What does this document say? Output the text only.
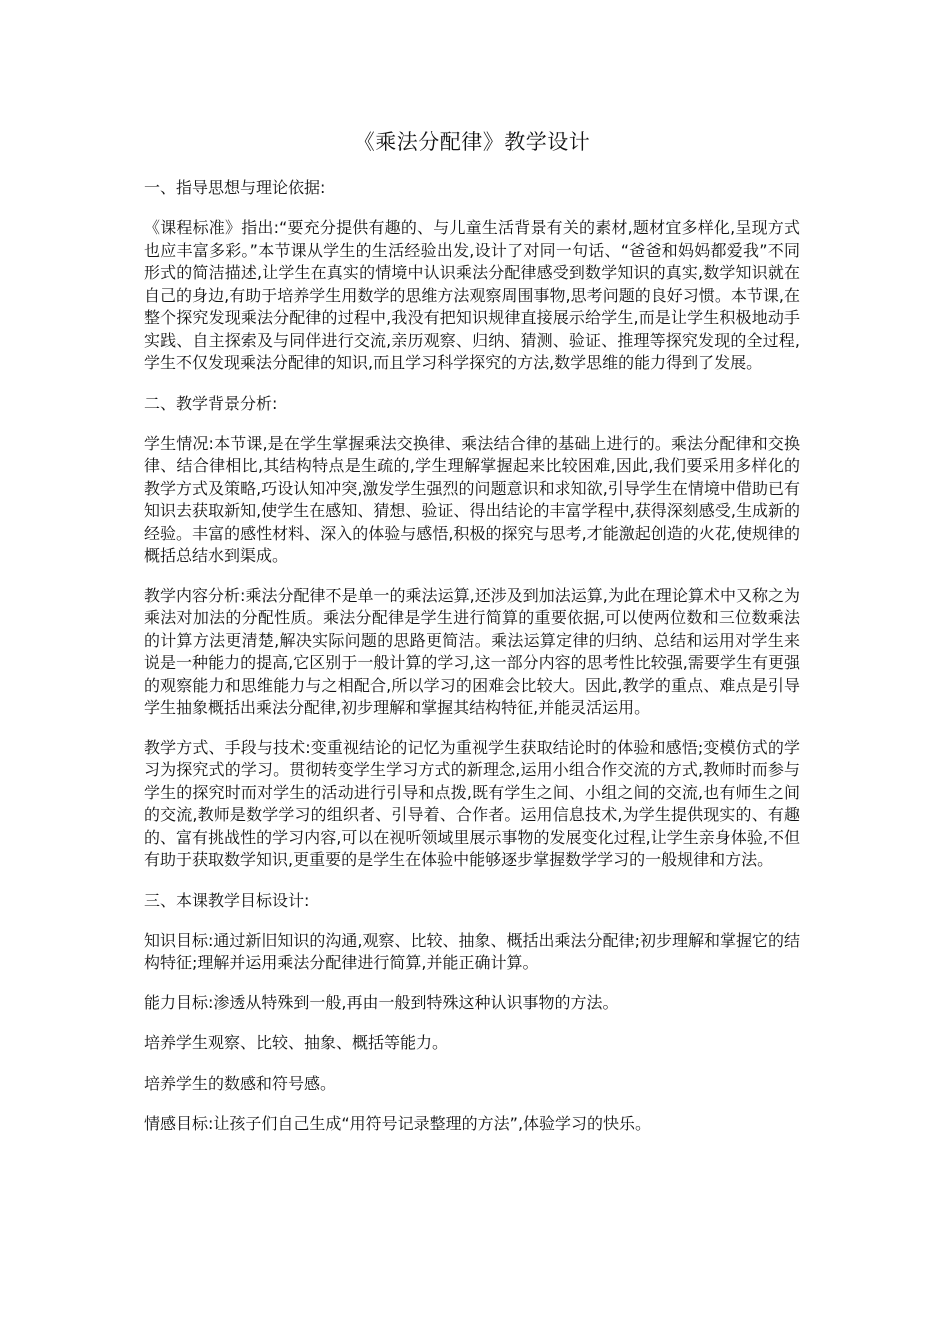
《乘法分配律》教学设计
一、指导思想与理论依据:
《课程标准》指出:“要充分提供有趣的、与儿童生活背景有关的素材,题材宜多样化,呈现方式也应丰富多彩。”本节课从学生的生活经验出发,设计了对同一句话、“爸爸和妈妈都爱我”不同形式的简洁描述,让学生在真实的情境中认识乘法分配律感受到数学知识的真实,数学知识就在自己的身边,有助于培养学生用数学的思维方法观察周围事物,思考问题的良好习惯。本节课,在整个探究发现乘法分配律的过程中,我没有把知识规律直接展示给学生,而是让学生积极地动手实践、自主探索及与同伴进行交流,亲历观察、归纳、猜测、验证、推理等探究发现的全过程,学生不仅发现乘法分配律的知识,而且学习科学探究的方法,数学思维的能力得到了发展。
二、教学背景分析:
学生情况:本节课,是在学生掌握乘法交换律、乘法结合律的基础上进行的。乘法分配律和交换律、结合律相比,其结构特点是生疏的,学生理解掌握起来比较困难,因此,我们要采用多样化的教学方式及策略,巧设认知冲突,激发学生强烈的问题意识和求知欲,引导学生在情境中借助已有知识去获取新知,使学生在感知、猜想、验证、得出结论的丰富学程中,获得深刻感受,生成新的经验。丰富的感性材料、深入的体验与感悟,积极的探究与思考,才能激起创造的火花,使规律的概括总结水到渠成。
教学内容分析:乘法分配律不是单一的乘法运算,还涉及到加法运算,为此在理论算术中又称之为乘法对加法的分配性质。乘法分配律是学生进行简算的重要依据,可以使两位数和三位数乘法的计算方法更清楚,解决实际问题的思路更简洁。乘法运算定律的归纳、总结和运用对学生来说是一种能力的提高,它区别于一般计算的学习,这一部分内容的思考性比较强,需要学生有更强的观察能力和思维能力与之相配合,所以学习的困难会比较大。因此,教学的重点、难点是引导学生抽象概括出乘法分配律,初步理解和掌握其结构特征,并能灵活运用。
教学方式、手段与技术:变重视结论的记忆为重视学生获取结论时的体验和感悟;变模仿式的学习为探究式的学习。贯彻转变学生学习方式的新理念,运用小组合作交流的方式,教师时而参与学生的探究时而对学生的活动进行引导和点拨,既有学生之间、小组之间的交流,也有师生之间的交流,教师是数学学习的组织者、引导着、合作者。运用信息技术,为学生提供现实的、有趣的、富有挑战性的学习内容,可以在视听领域里展示事物的发展变化过程,让学生亲身体验,不但有助于获取数学知识,更重要的是学生在体验中能够逐步掌握数学学习的一般规律和方法。
三、本课教学目标设计:
知识目标:通过新旧知识的沟通,观察、比较、抽象、概括出乘法分配律;初步理解和掌握它的结构特征;理解并运用乘法分配律进行简算,并能正确计算。
能力目标:渗透从特殊到一般,再由一般到特殊这种认识事物的方法。
培养学生观察、比较、抽象、概括等能力。
培养学生的数感和符号感。
情感目标:让孩子们自己生成“用符号记录整理的方法”,体验学习的快乐。
